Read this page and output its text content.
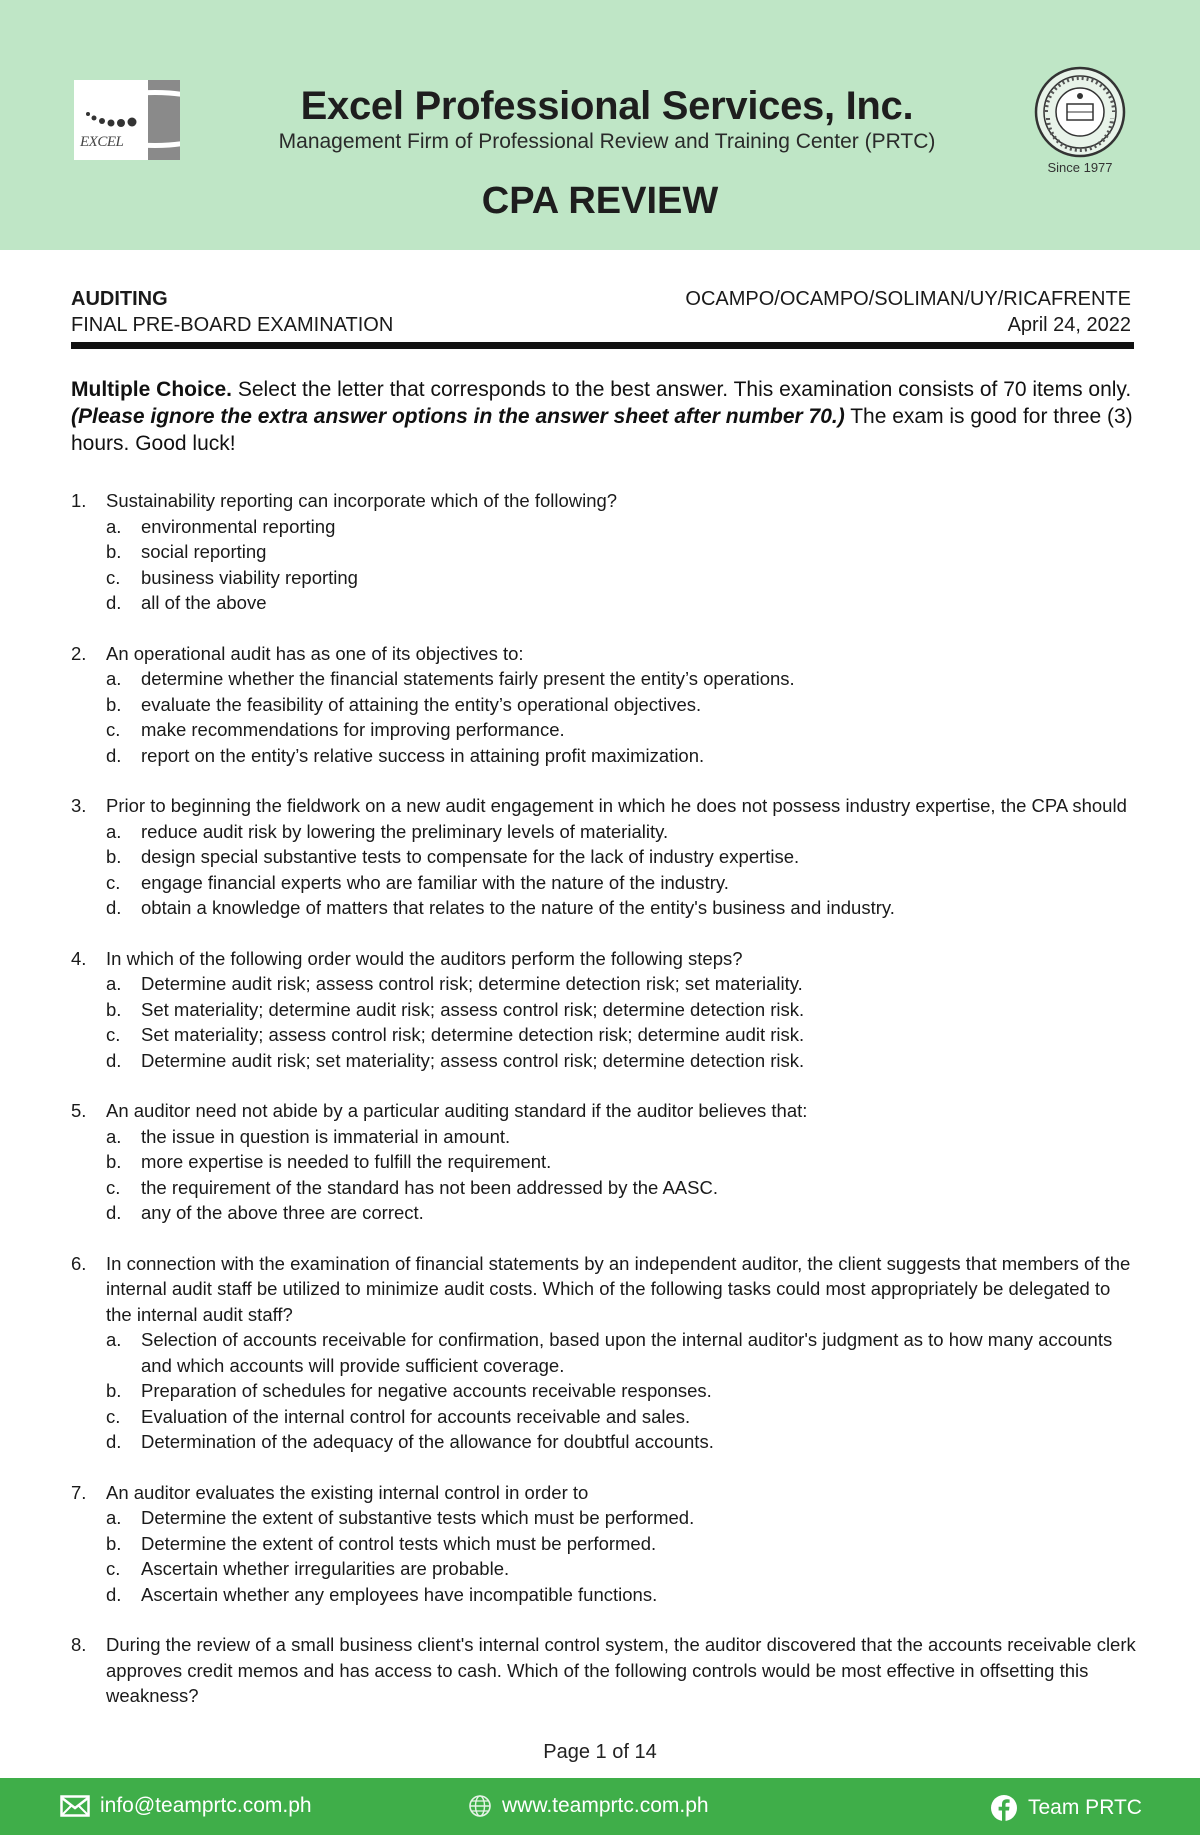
EXCEL
Excel Professional Services, Inc.
Management Firm of Professional Review and Training Center (PRTC)
CPA REVIEW
Since 1977
AUDITING	OCAMPO/OCAMPO/SOLIMAN/UY/RICAFRENTE
FINAL PRE-BOARD EXAMINATION	April 24, 2022
Multiple Choice. Select the letter that corresponds to the best answer. This examination consists of 70 items only. (Please ignore the extra answer options in the answer sheet after number 70.) The exam is good for three (3) hours. Good luck!
1.	Sustainability reporting can incorporate which of the following?
a.	environmental reporting
b.	social reporting
c.	business viability reporting
d.	all of the above
2.	An operational audit has as one of its objectives to:
a.	determine whether the financial statements fairly present the entity’s operations.
b.	evaluate the feasibility of attaining the entity’s operational objectives.
c.	make recommendations for improving performance.
d.	report on the entity’s relative success in attaining profit maximization.
3.	Prior to beginning the fieldwork on a new audit engagement in which he does not possess industry expertise, the CPA should
a.	reduce audit risk by lowering the preliminary levels of materiality.
b.	design special substantive tests to compensate for the lack of industry expertise.
c.	engage financial experts who are familiar with the nature of the industry.
d.	obtain a knowledge of matters that relates to the nature of the entity's business and industry.
4.	In which of the following order would the auditors perform the following steps?
a.	Determine audit risk; assess control risk; determine detection risk; set materiality.
b.	Set materiality; determine audit risk; assess control risk; determine detection risk.
c.	Set materiality; assess control risk; determine detection risk; determine audit risk.
d.	Determine audit risk; set materiality; assess control risk; determine detection risk.
5.	An auditor need not abide by a particular auditing standard if the auditor believes that:
a.	the issue in question is immaterial in amount.
b.	more expertise is needed to fulfill the requirement.
c.	the requirement of the standard has not been addressed by the AASC.
d.	any of the above three are correct.
6.	In connection with the examination of financial statements by an independent auditor, the client suggests that members of the internal audit staff be utilized to minimize audit costs. Which of the following tasks could most appropriately be delegated to the internal audit staff?
a.	Selection of accounts receivable for confirmation, based upon the internal auditor's judgment as to how many accounts and which accounts will provide sufficient coverage.
b.	Preparation of schedules for negative accounts receivable responses.
c.	Evaluation of the internal control for accounts receivable and sales.
d.	Determination of the adequacy of the allowance for doubtful accounts.
7.	An auditor evaluates the existing internal control in order to
a.	Determine the extent of substantive tests which must be performed.
b.	Determine the extent of control tests which must be performed.
c.	Ascertain whether irregularities are probable.
d.	Ascertain whether any employees have incompatible functions.
8.	During the review of a small business client's internal control system, the auditor discovered that the accounts receivable clerk approves credit memos and has access to cash. Which of the following controls would be most effective in offsetting this weakness?
Page 1 of 14
info@teamprtc.com.ph	www.teamprtc.com.ph	Team PRTC
